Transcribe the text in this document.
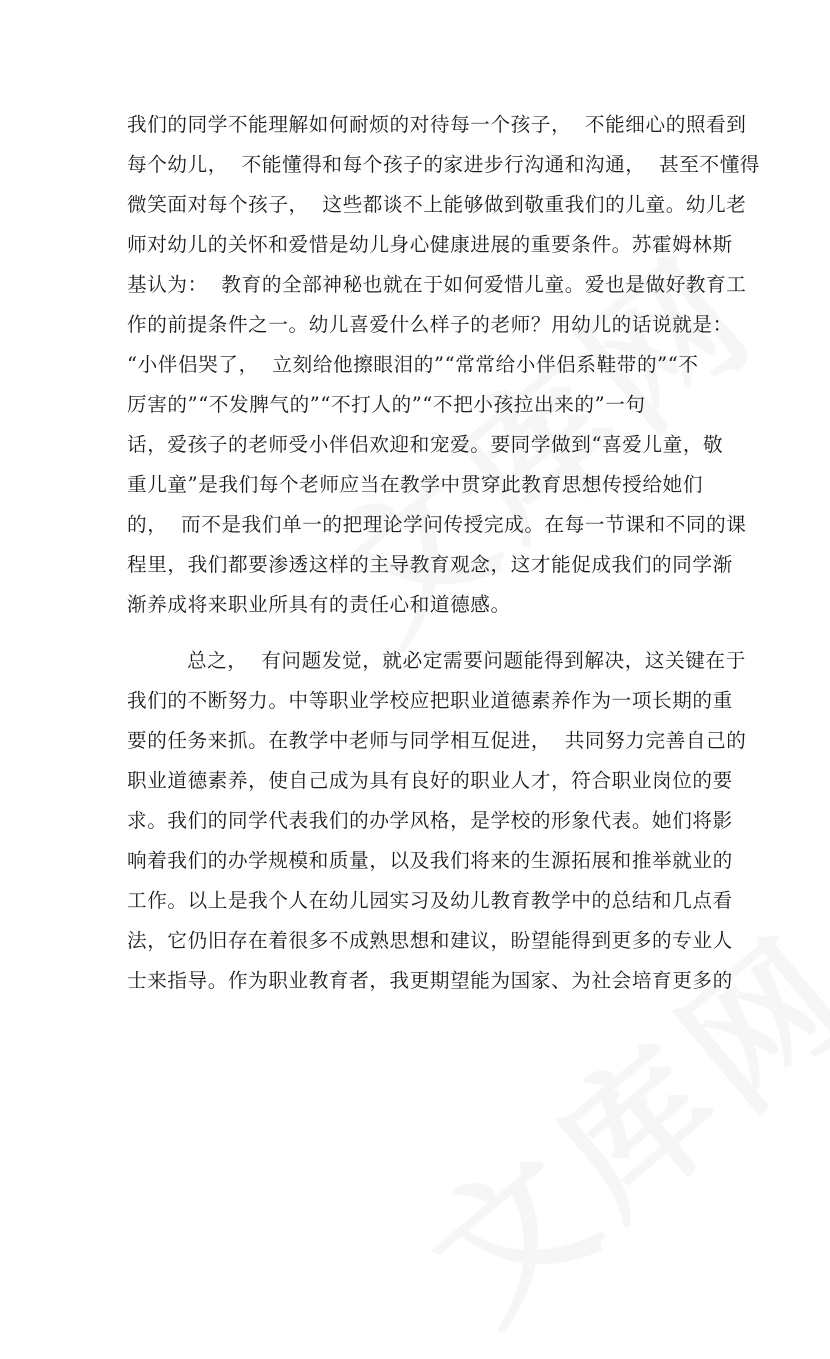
我们的同学不能理解如何耐烦的对待每一个孩子，  不能细心的照看到
每个幼儿，  不能懂得和每个孩子的家进步行沟通和沟通，  甚至不懂得
微笑面对每个孩子，  这些都谈不上能够做到敬重我们的儿童。幼儿老
师对幼儿的关怀和爱惜是幼儿身心健康进展的重要条件。苏霍姆林斯
基认为：  教育的全部神秘也就在于如何爱惜儿童。爱也是做好教育工
作的前提条件之一。幼儿喜爱什么样子的老师？用幼儿的话说就是：
“小伴侣哭了，  立刻给他擦眼泪的”“常常给小伴侣系鞋带的”“不
厉害的”“不发脾气的”“不打人的”“不把小孩拉出来的”一句
话，爱孩子的老师受小伴侣欢迎和宠爱。要同学做到“喜爱儿童，敬
重儿童”是我们每个老师应当在教学中贯穿此教育思想传授给她们
的，  而不是我们单一的把理论学问传授完成。在每一节课和不同的课
程里，我们都要渗透这样的主导教育观念，这才能促成我们的同学渐
渐养成将来职业所具有的责任心和道德感。
总之，  有问题发觉，就必定需要问题能得到解决，这关键在于
我们的不断努力。中等职业学校应把职业道德素养作为一项长期的重
要的任务来抓。在教学中老师与同学相互促进，  共同努力完善自己的
职业道德素养，使自己成为具有良好的职业人才，符合职业岗位的要
求。我们的同学代表我们的办学风格，是学校的形象代表。她们将影
响着我们的办学规模和质量，以及我们将来的生源拓展和推举就业的
工作。以上是我个人在幼儿园实习及幼儿教育教学中的总结和几点看
法，它仍旧存在着很多不成熟思想和建议，盼望能得到更多的专业人
士来指导。作为职业教育者，我更期望能为国家、为社会培育更多的
